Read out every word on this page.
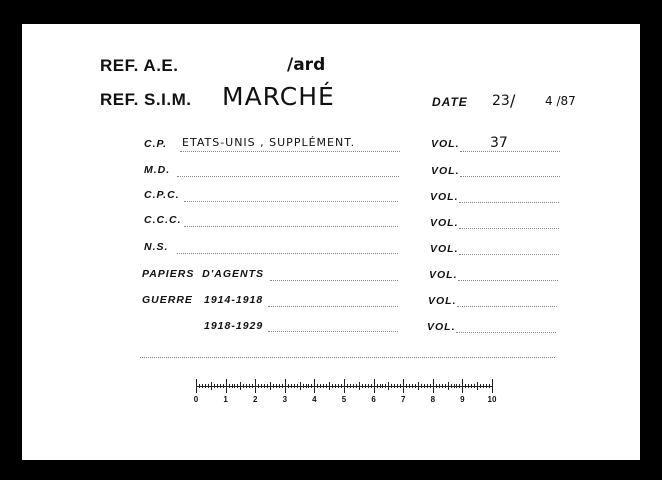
REF. A.E.	/ard
REF. S.I.M. MARCHÉ	DATE 23 / 4 /87
C.P. ETATS-UNIS , SUPPLÉMENT.	VOL. 37
M.D.	VOL.
C.P.C.	VOL.
C.C.C.	VOL.
N.S.	VOL.
PAPIERS  D'AGENTS	VOL.
GUERRE 1914-1918	VOL.
1918-1929	VOL.
0	1	2	3	4	5	6	7	8	9	10
